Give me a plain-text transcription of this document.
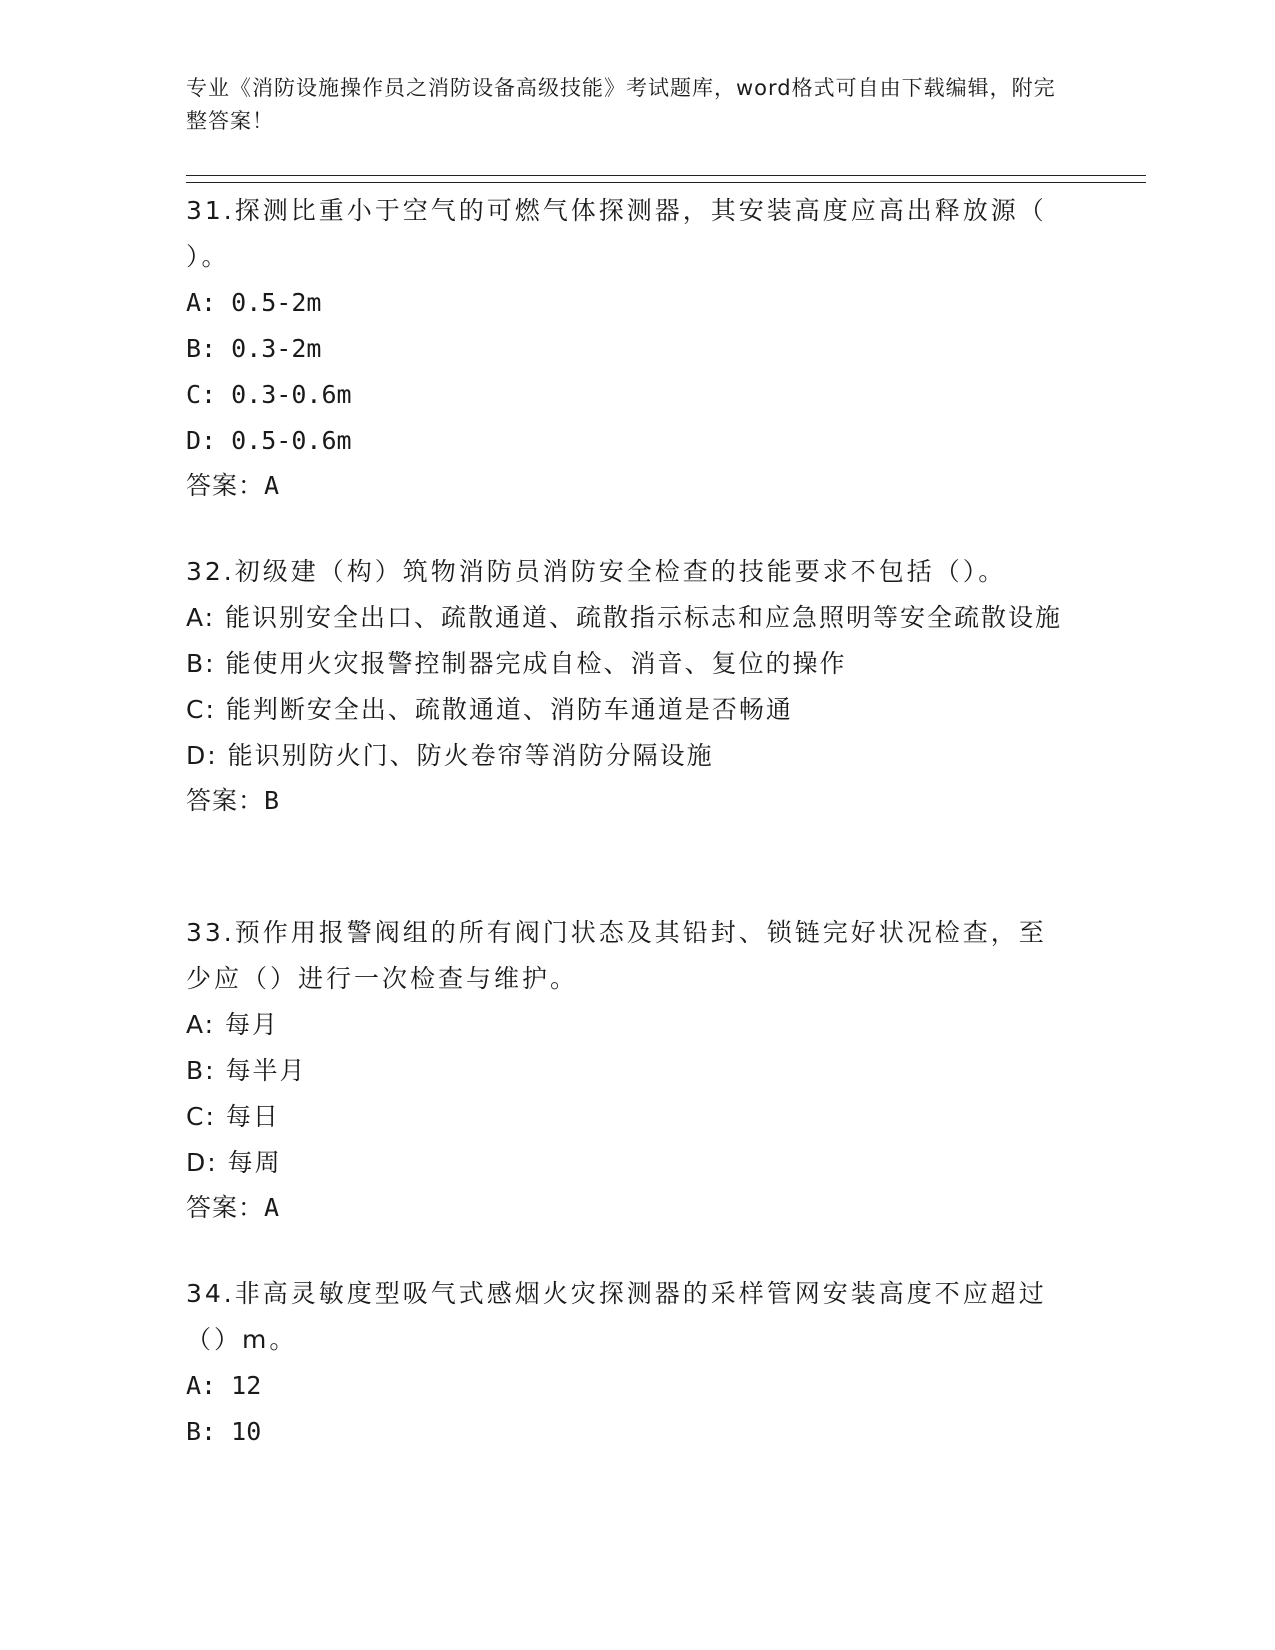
专业《消防设施操作员之消防设备高级技能》考试题库，word格式可自由下载编辑，附完整答案！
31.探测比重小于空气的可燃气体探测器，其安装高度应高出释放源（ ）。
A: 0.5-2m
B: 0.3-2m
C: 0.3-0.6m
D: 0.5-0.6m
答案：A
32.初级建（构）筑物消防员消防安全检查的技能要求不包括（）。
A: 能识别安全出口、疏散通道、疏散指示标志和应急照明等安全疏散设施
B: 能使用火灾报警控制器完成自检、消音、复位的操作
C: 能判断安全出、疏散通道、消防车通道是否畅通
D: 能识别防火门、防火卷帘等消防分隔设施
答案：B
33.预作用报警阀组的所有阀门状态及其铅封、锁链完好状况检查，至少应（）进行一次检查与维护。
A: 每月
B: 每半月
C: 每日
D: 每周
答案：A
34.非高灵敏度型吸气式感烟火灾探测器的采样管网安装高度不应超过（）m。
A: 12
B: 10
